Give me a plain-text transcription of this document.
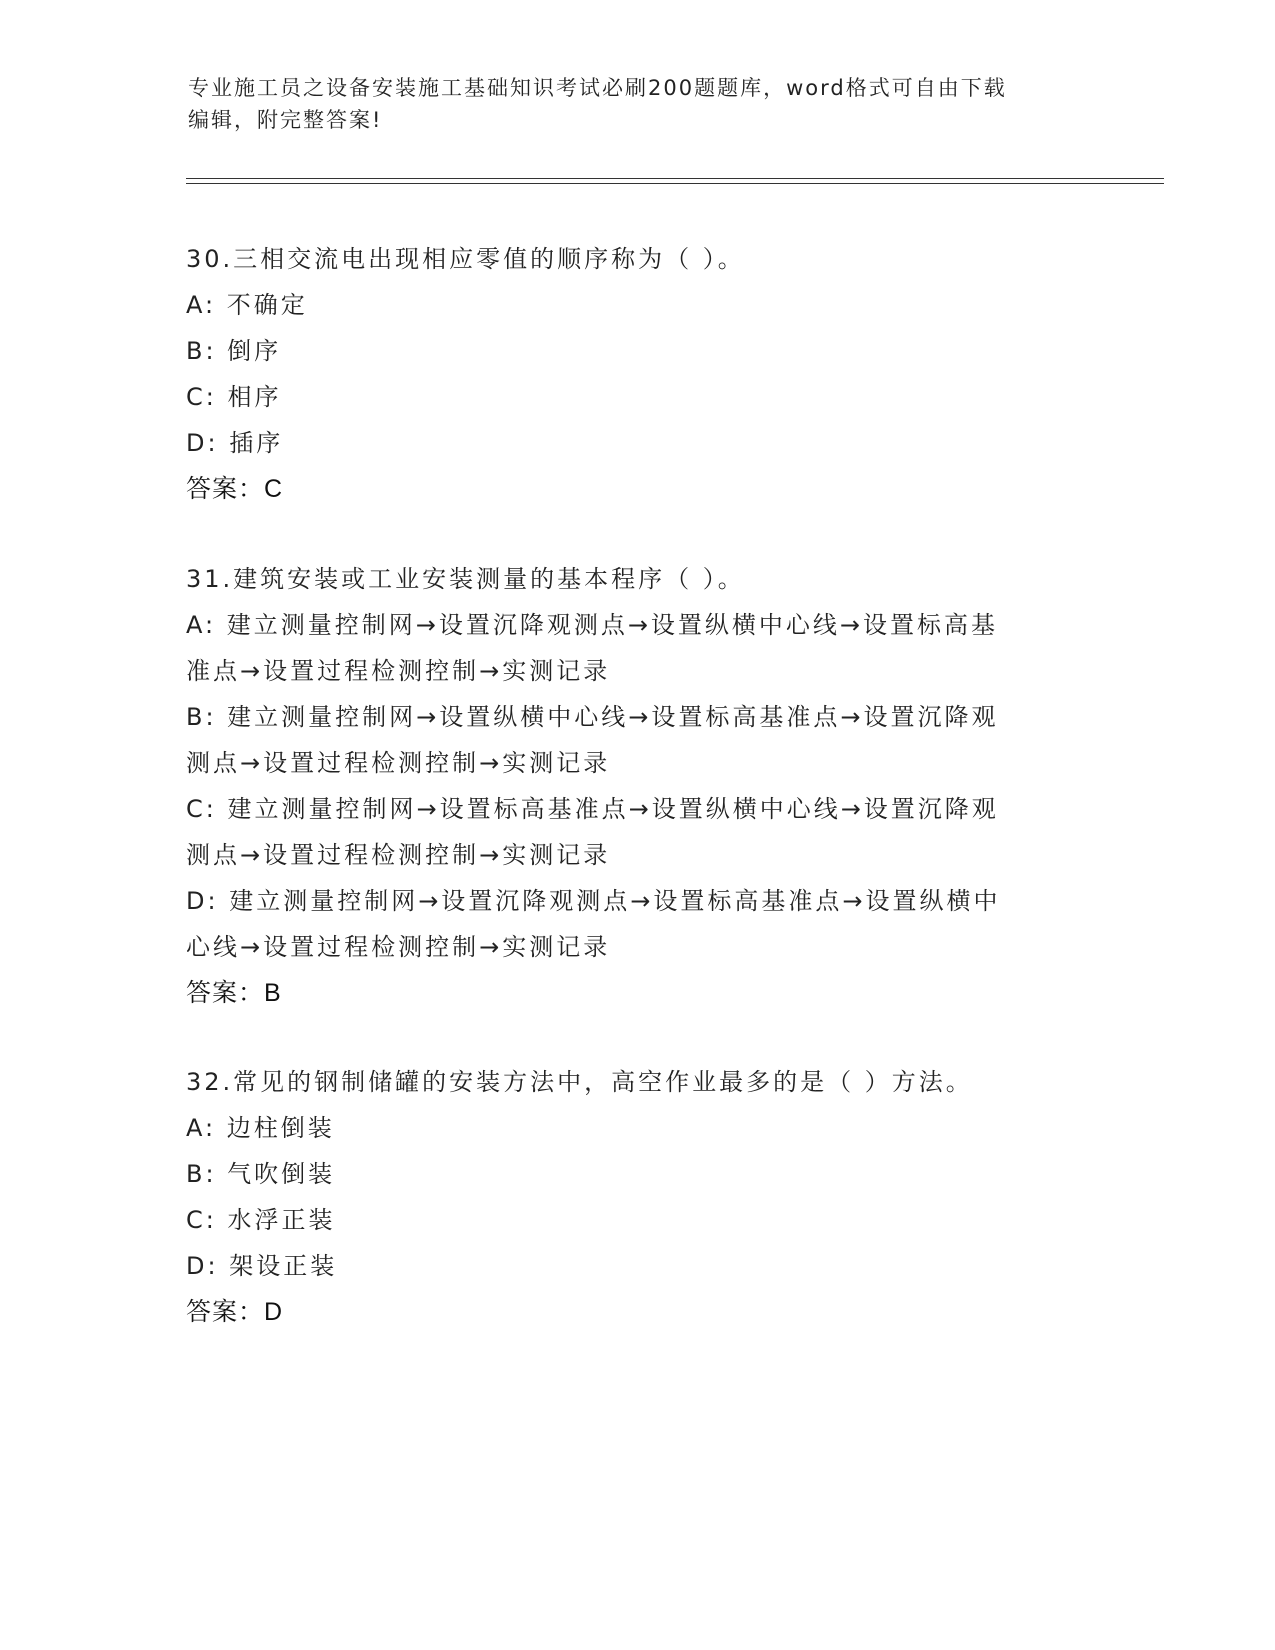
专业施工员之设备安装施工基础知识考试必刷200题题库，word格式可自由下载
编辑，附完整答案!
30.三相交流电出现相应零值的顺序称为（ ）。
A: 不确定
B: 倒序
C: 相序
D: 插序
答案：C
31.建筑安装或工业安装测量的基本程序（ ）。
A: 建立测量控制网→设置沉降观测点→设置纵横中心线→设置标高基
准点→设置过程检测控制→实测记录
B: 建立测量控制网→设置纵横中心线→设置标高基准点→设置沉降观
测点→设置过程检测控制→实测记录
C: 建立测量控制网→设置标高基准点→设置纵横中心线→设置沉降观
测点→设置过程检测控制→实测记录
D: 建立测量控制网→设置沉降观测点→设置标高基准点→设置纵横中
心线→设置过程检测控制→实测记录
答案：B
32.常见的钢制储罐的安装方法中，高空作业最多的是（ ）方法。
A: 边柱倒装
B: 气吹倒装
C: 水浮正装
D: 架设正装
答案：D
